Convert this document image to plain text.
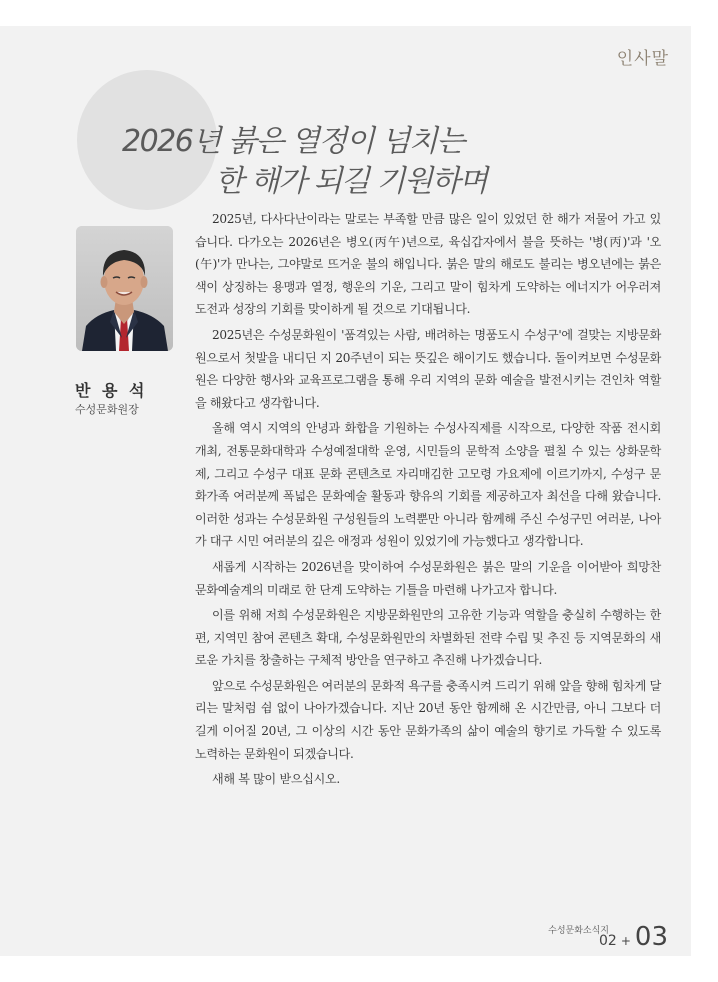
인사말
2026년 붉은 열정이 넘치는
한 해가 되길 기원하며
반 용 석
수성문화원장

2025년, 다사다난이라는 말로는 부족할 만큼 많은 일이 있었던 한 해가 저물어 가고 있습니다. 다가오는 2026년은 병오(丙午)년으로, 육십갑자에서 불을 뜻하는 '병(丙)'과 '오(午)'가 만나는, 그야말로 뜨거운 불의 해입니다. 붉은 말의 해로도 불리는 병오년에는 붉은색이 상징하는 용맹과 열정, 행운의 기운, 그리고 말이 힘차게 도약하는 에너지가 어우러져 도전과 성장의 기회를 맞이하게 될 것으로 기대됩니다.

2025년은 수성문화원이 '품격있는 사람, 배려하는 명품도시 수성구'에 걸맞는 지방문화원으로서 첫발을 내디딘 지 20주년이 되는 뜻깊은 해이기도 했습니다. 돌이켜보면 수성문화원은 다양한 행사와 교육프로그램을 통해 우리 지역의 문화 예술을 발전시키는 견인차 역할을 해왔다고 생각합니다.

올해 역시 지역의 안녕과 화합을 기원하는 수성사직제를 시작으로, 다양한 작품 전시회 개최, 전통문화대학과 수성예절대학 운영, 시민들의 문학적 소양을 펼칠 수 있는 상화문학제, 그리고 수성구 대표 문화 콘텐츠로 자리매김한 고모령 가요제에 이르기까지, 수성구 문화가족 여러분께 폭넓은 문화예술 활동과 향유의 기회를 제공하고자 최선을 다해 왔습니다. 이러한 성과는 수성문화원 구성원들의 노력뿐만 아니라 함께해 주신 수성구민 여러분, 나아가 대구 시민 여러분의 깊은 애정과 성원이 있었기에 가능했다고 생각합니다.

새롭게 시작하는 2026년을 맞이하여 수성문화원은 붉은 말의 기운을 이어받아 희망찬 문화예술계의 미래로 한 단계 도약하는 기틀을 마련해 나가고자 합니다.

이를 위해 저희 수성문화원은 지방문화원만의 고유한 기능과 역할을 충실히 수행하는 한편, 지역민 참여 콘텐츠 확대, 수성문화원만의 차별화된 전략 수립 및 추진 등 지역문화의 새로운 가치를 창출하는 구체적 방안을 연구하고 추진해 나가겠습니다.

앞으로 수성문화원은 여러분의 문화적 욕구를 충족시켜 드리기 위해 앞을 향해 힘차게 달리는 말처럼 쉼 없이 나아가겠습니다. 지난 20년 동안 함께해 온 시간만큼, 아니 그보다 더 길게 이어질 20년, 그 이상의 시간 동안 문화가족의 삶이 예술의 향기로 가득할 수 있도록 노력하는 문화원이 되겠습니다.

새해 복 많이 받으십시오.

수성문화소식지
02 + 03
